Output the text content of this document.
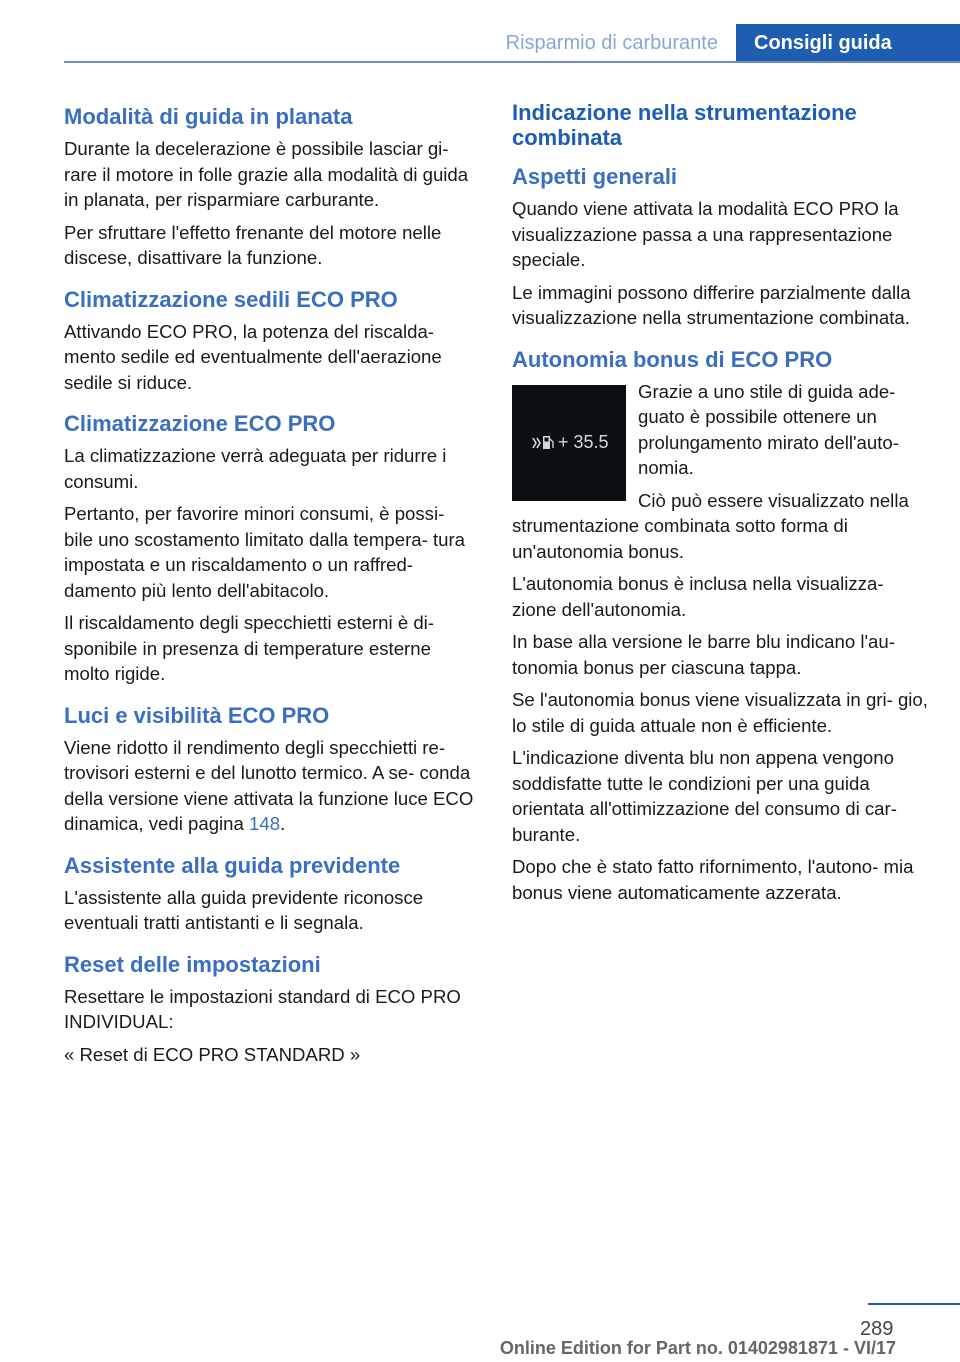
Risparmio di carburante	Consigli guida
Modalità di guida in planata

Durante la decelerazione è possibile lasciar gi- rare il motore in folle grazie alla modalità di guida in planata, per risparmiare carburante.

Per sfruttare l'effetto frenante del motore nelle discese, disattivare la funzione.

Climatizzazione sedili ECO PRO

Attivando ECO PRO, la potenza del riscalda- mento sedile ed eventualmente dell'aerazione sedile si riduce.

Climatizzazione ECO PRO

La climatizzazione verrà adeguata per ridurre i consumi.

Pertanto, per favorire minori consumi, è possi- bile uno scostamento limitato dalla tempera- tura impostata e un riscaldamento o un raffred- damento più lento dell'abitacolo.

Il riscaldamento degli specchietti esterni è di- sponibile in presenza di temperature esterne molto rigide.

Luci e visibilità ECO PRO

Viene ridotto il rendimento degli specchietti re- trovisori esterni e del lunotto termico. A se- conda della versione viene attivata la funzione luce ECO dinamica, vedi pagina 148.

Assistente alla guida previdente

L'assistente alla guida previdente riconosce eventuali tratti antistanti e li segnala.

Reset delle impostazioni

Resettare le impostazioni standard di ECO PRO INDIVIDUAL:

« Reset di ECO PRO STANDARD »

Indicazione nella strumentazione combinata
Aspetti generali

Quando viene attivata la modalità ECO PRO la visualizzazione passa a una rappresentazione speciale.

Le immagini possono differire parzialmente dalla visualizzazione nella strumentazione combinata.

Autonomia bonus di ECO PRO
+ 35.5

Grazie a uno stile di guida ade- guato è possibile ottenere un prolungamento mirato dell'auto- nomia.

Ciò può essere visualizzato nella strumentazione combinata sotto forma di un'autonomia bonus.

L'autonomia bonus è inclusa nella visualizza- zione dell'autonomia.

In base alla versione le barre blu indicano l'au- tonomia bonus per ciascuna tappa.

Se l'autonomia bonus viene visualizzata in gri- gio, lo stile di guida attuale non è efficiente.

L'indicazione diventa blu non appena vengono soddisfatte tutte le condizioni per una guida orientata all'ottimizzazione del consumo di car- burante.

Dopo che è stato fatto rifornimento, l'autono- mia bonus viene automaticamente azzerata.

289
Online Edition for Part no. 01402981871 - VI/17
